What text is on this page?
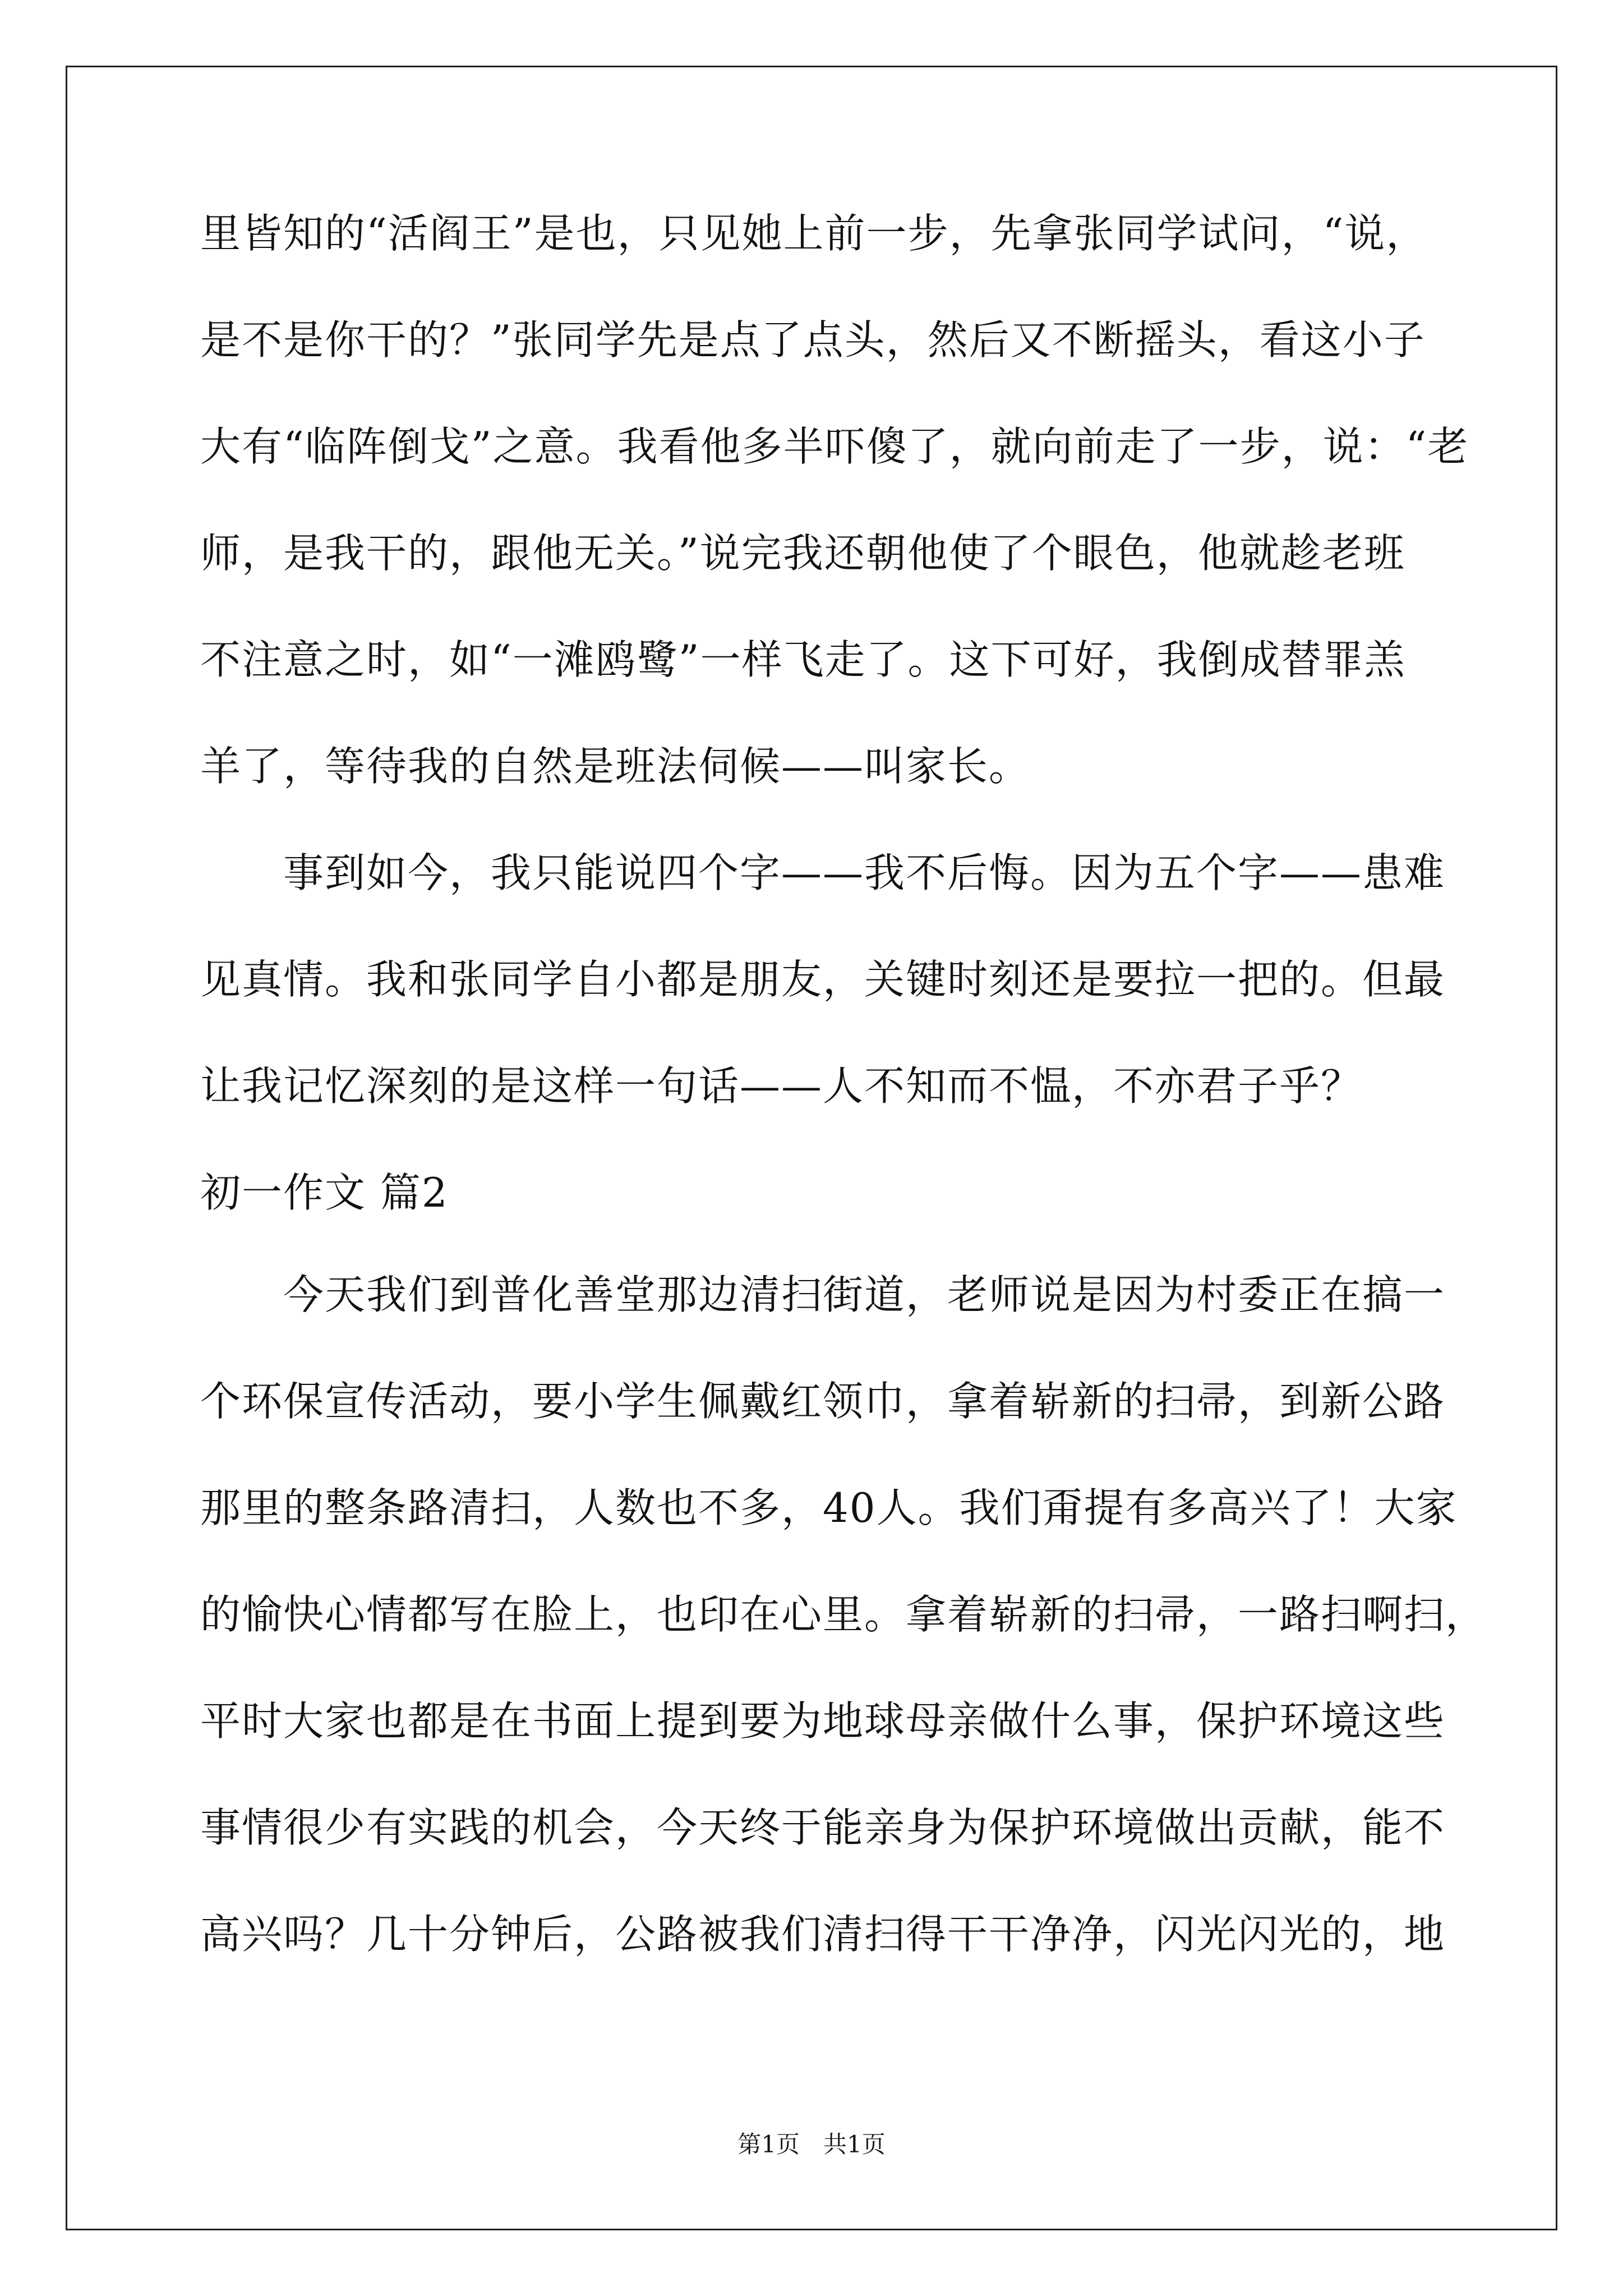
里皆知的“活阎王”是也，只见她上前一步，先拿张同学试问，“说，
是不是你干的？”张同学先是点了点头，然后又不断摇头，看这小子
大有“临阵倒戈”之意。我看他多半吓傻了，就向前走了一步，说：“老
师，是我干的，跟他无关。”说完我还朝他使了个眼色，他就趁老班
不注意之时，如“一滩鸥鹭”一样飞走了。这下可好，我倒成替罪羔
羊了，等待我的自然是班法伺候——叫家长。
　　事到如今，我只能说四个字——我不后悔。因为五个字——患难
见真情。我和张同学自小都是朋友，关键时刻还是要拉一把的。但最
让我记忆深刻的是这样一句话——人不知而不愠，不亦君子乎？
初一作文 篇2
　　今天我们到普化善堂那边清扫街道，老师说是因为村委正在搞一
个环保宣传活动，要小学生佩戴红领巾，拿着崭新的扫帚，到新公路
那里的整条路清扫，人数也不多，40人。我们甭提有多高兴了！大家
的愉快心情都写在脸上，也印在心里。拿着崭新的扫帚，一路扫啊扫，
平时大家也都是在书面上提到要为地球母亲做什么事，保护环境这些
事情很少有实践的机会，今天终于能亲身为保护环境做出贡献，能不
高兴吗？几十分钟后，公路被我们清扫得干干净净，闪光闪光的，地
第1页　共1页
